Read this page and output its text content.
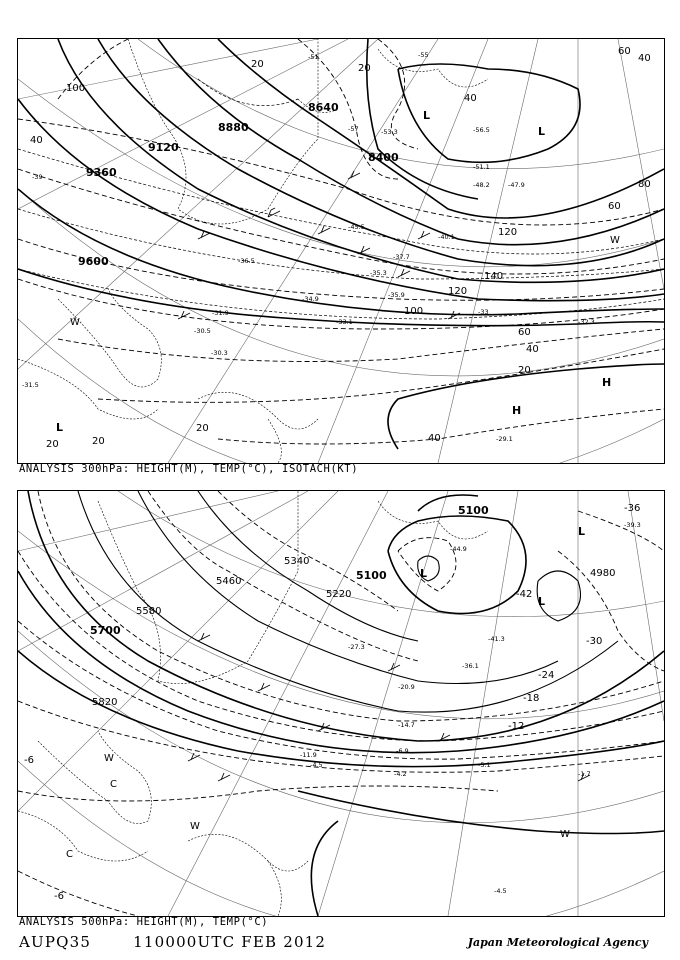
8640
8880
9120
9360
9600
8400
100
40
20
60
120
140
100
60
40
20
20	20
20
40
40
20
40
60
80
120
-51	-55
-57	-53.3	-56.5
-51.1
-48.2	-47.9
-45.5
-40.1
-37.7
-35.3
-36.5
-34.9
-33.1
-30.5
-30.3
-31.9
-31.5
-29.1
-32.3
-35.9
-33
-39
L
L
L
H
H
W
W
ANALYSIS 300hPa: HEIGHT(M), TEMP(°C), ISOTACH(KT)
5100
5340
5580
5700
5820
5220
5460
4980
5100
-36
-42
-30
-24
-18
-12
-6
-6
-39.3
-44.9
-41.3
-36.1
-27.3
-20.9
-14.7
-11.9	-6.9
-5.1
-1.7
-4.5
-4.2
-4.5
L
L
L
W
C
W
C
W
ANALYSIS 500hPa: HEIGHT(M), TEMP(°C)
AUPQ35	110000UTC FEB 2012	Japan Meteorological Agency
